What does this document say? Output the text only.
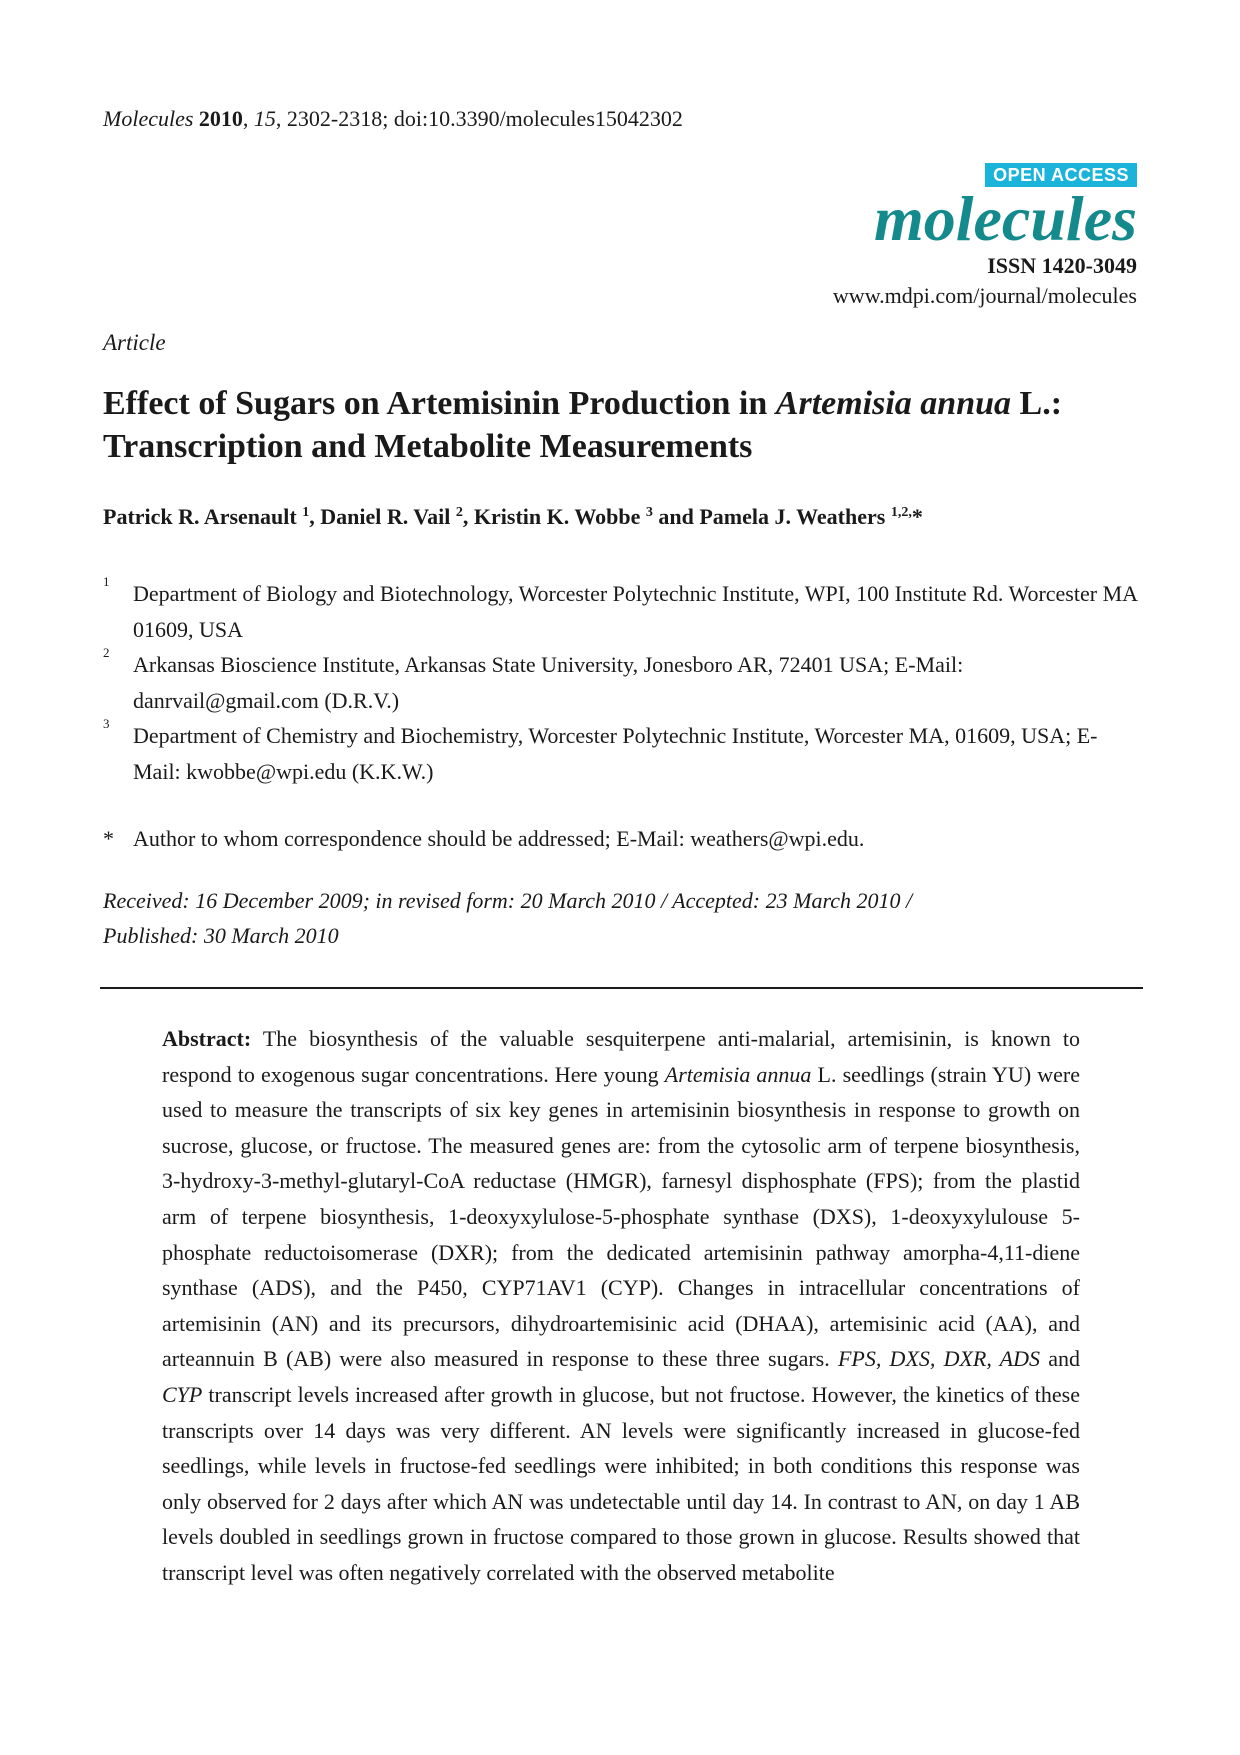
Molecules 2010, 15, 2302-2318; doi:10.3390/molecules15042302
OPEN ACCESS
molecules
ISSN 1420-3049
www.mdpi.com/journal/molecules
Article
Effect of Sugars on Artemisinin Production in Artemisia annua L.: Transcription and Metabolite Measurements
Patrick R. Arsenault $^1$, Daniel R. Vail $^2$, Kristin K. Wobbe $^3$ and Pamela J. Weathers $^{1,2,}$*
1 Department of Biology and Biotechnology, Worcester Polytechnic Institute, WPI, 100 Institute Rd. Worcester MA 01609, USA
2 Arkansas Bioscience Institute, Arkansas State University, Jonesboro AR, 72401 USA; E-Mail: danrvail@gmail.com (D.R.V.)
3 Department of Chemistry and Biochemistry, Worcester Polytechnic Institute, Worcester MA, 01609, USA; E-Mail: kwobbe@wpi.edu (K.K.W.)
* Author to whom correspondence should be addressed; E-Mail: weathers@wpi.edu.
Received: 16 December 2009; in revised form: 20 March 2010 / Accepted: 23 March 2010 /
Published: 30 March 2010

Abstract: The biosynthesis of the valuable sesquiterpene anti-malarial, artemisinin, is known to respond to exogenous sugar concentrations. Here young Artemisia annua L. seedlings (strain YU) were used to measure the transcripts of six key genes in artemisinin biosynthesis in response to growth on sucrose, glucose, or fructose. The measured genes are: from the cytosolic arm of terpene biosynthesis, 3-hydroxy-3-methyl-glutaryl-CoA reductase (HMGR), farnesyl disphosphate (FPS); from the plastid arm of terpene biosynthesis, 1-deoxyxylulose-5-phosphate synthase (DXS), 1-deoxyxylulouse 5-phosphate reductoisomerase (DXR); from the dedicated artemisinin pathway amorpha-4,11-diene synthase (ADS), and the P450, CYP71AV1 (CYP). Changes in intracellular concentrations of artemisinin (AN) and its precursors, dihydroartemisinic acid (DHAA), artemisinic acid (AA), and arteannuin B (AB) were also measured in response to these three sugars. FPS, DXS, DXR, ADS and CYP transcript levels increased after growth in glucose, but not fructose. However, the kinetics of these transcripts over 14 days was very different. AN levels were significantly increased in glucose-fed seedlings, while levels in fructose-fed seedlings were inhibited; in both conditions this response was only observed for 2 days after which AN was undetectable until day 14. In contrast to AN, on day 1 AB levels doubled in seedlings grown in fructose compared to those grown in glucose. Results showed that transcript level was often negatively correlated with the observed metabolite
